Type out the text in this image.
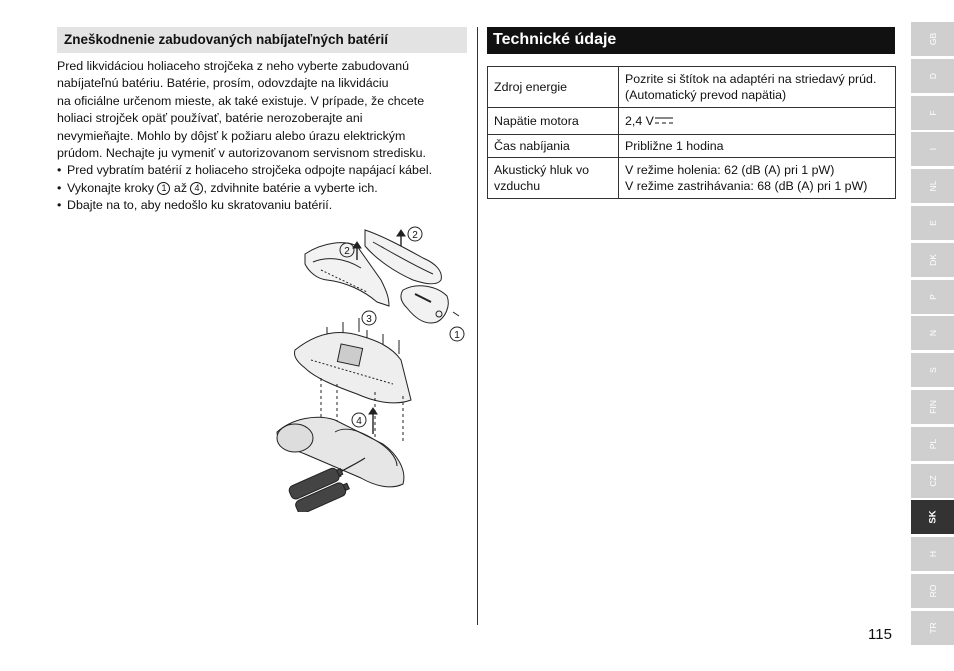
Zneškodnenie zabudovaných nabíjateľných batérií

Pred likvidáciou holiaceho strojčeka z neho vyberte zabudovanú

nabíjateľnú batériu. Batérie, prosím, odovzdajte na likvidáciu

na oficiálne určenom mieste, ak také existuje. V prípade, že chcete

holiaci strojček opäť používať, batérie nerozoberajte ani

nevymieňajte. Mohlo by dôjsť k požiaru alebo úrazu elektrickým

prúdom. Nechajte ju vymeniť v autorizovanom servisnom stredisku.

• Pred vybratím batérií z holiaceho strojčeka odpojte napájací kábel.
• Vykonajte kroky 1 až 4 , zdvihnite batérie a vyberte ich.
• Dbajte na to, aby nedošlo ku skratovaniu batérií.
1
2
2
3
4
Technické údaje
Zdroj energie	Pozrite si štítok na adaptéri na striedavý prúd.
(Automatický prevod napätia)

Napätie motora	2,4 V
Čas nabíjania	Približne 1 hodina
Akustický hluk vo vzduchu	V režime holenia: 62 (dB (A) pri 1 pW)
V režime zastrihávania: 68 (dB (A) pri 1 pW)
GB
D
F
I
NL
E
DK
P
N
S
FIN
PL
CZ
SK
H
RO
TR
115
